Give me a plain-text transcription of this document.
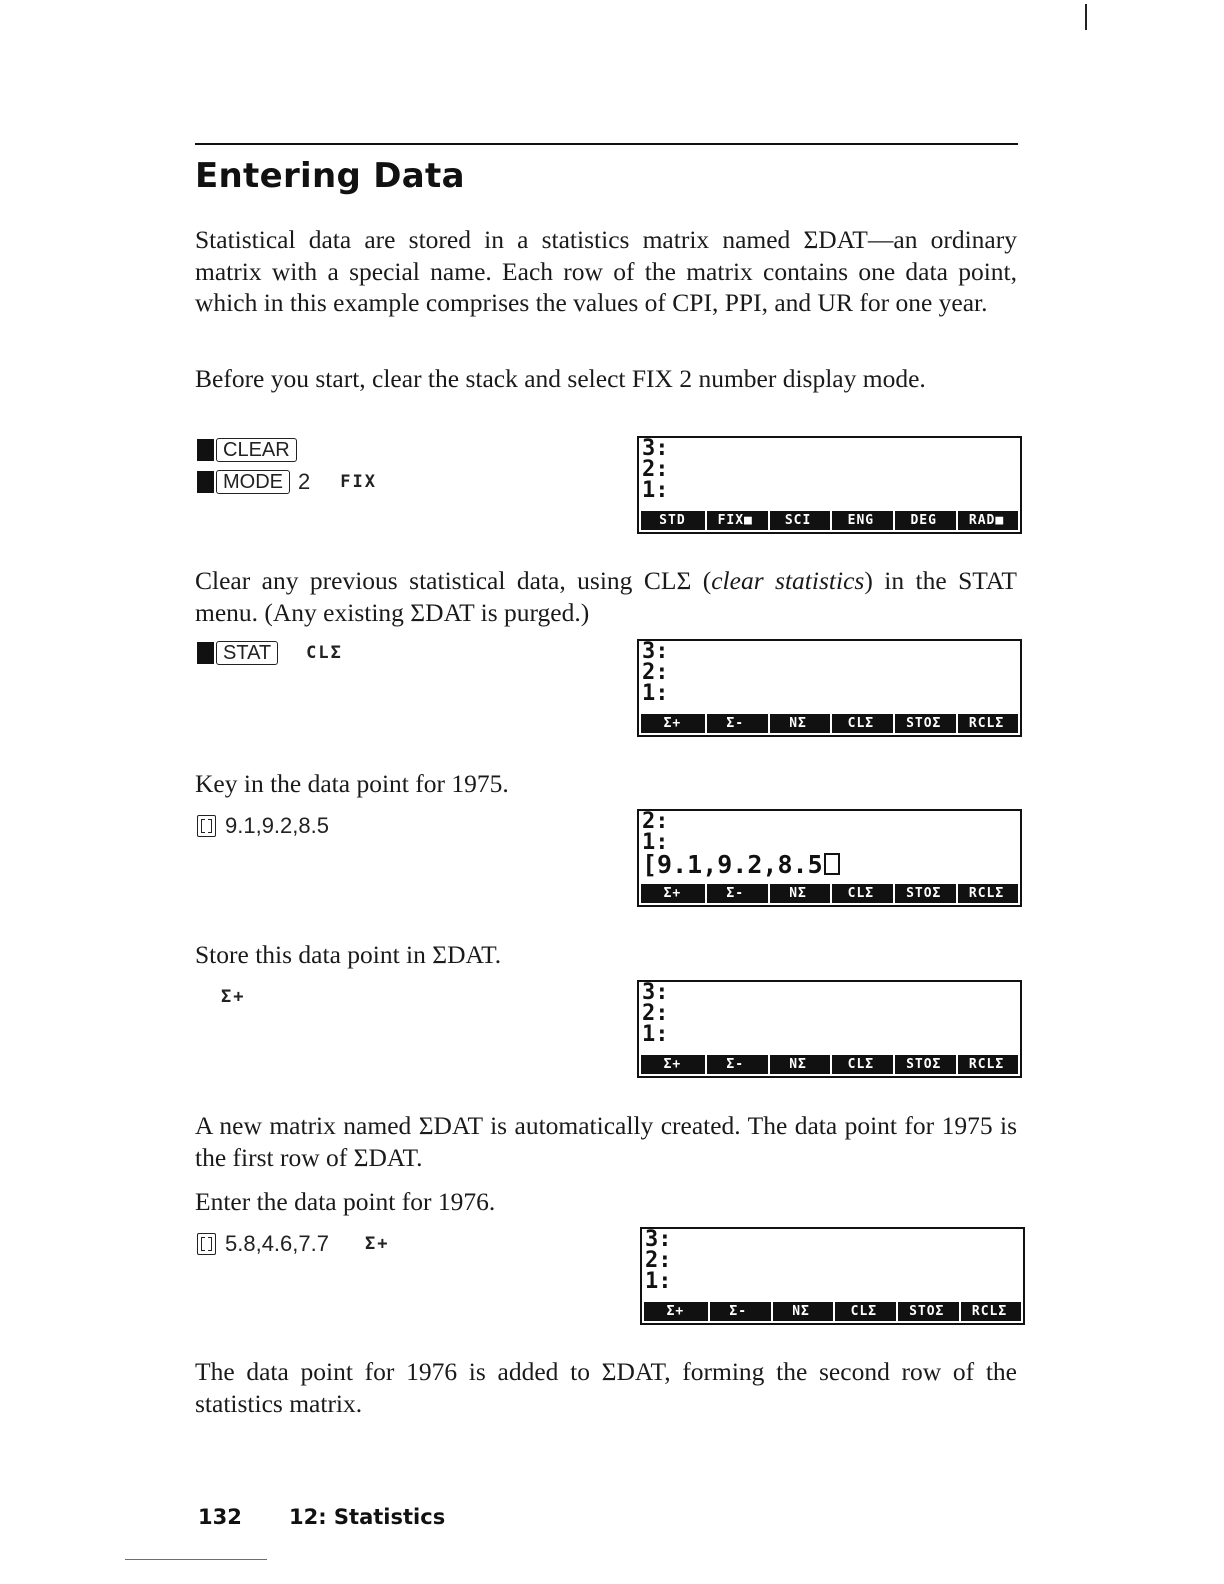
Entering Data
Statistical data are stored in a statistics matrix named ΣDAT—an ordinary matrix with a special name. Each row of the matrix contains one data point, which in this example comprises the values of CPI, PPI, and UR for one year.
Before you start, clear the stack and select FIX 2 number display mode.
CLEAR
MODE 2 FIX
3:
2:
1:
STD	FIX■	SCI	ENG	DEG	RAD■
Clear any previous statistical data, using CLΣ (clear statistics) in the STAT menu. (Any existing ΣDAT is purged.)
STAT	CLΣ	3:
2:
1:
Σ+	Σ-	NΣ	CLΣ	STOΣ	RCLΣ
Key in the data point for 1975.
9.1,9.2,8.5	2:
1:
[9.1,9.2,8.5
Σ+	Σ-	NΣ	CLΣ	STOΣ	RCLΣ
Store this data point in ΣDAT.
Σ+	3:
2:
1:
Σ+	Σ-	NΣ	CLΣ	STOΣ	RCLΣ
A new matrix named ΣDAT is automatically created. The data point for 1975 is the first row of ΣDAT.
Enter the data point for 1976.
5.8,4.6,7.7 Σ+	3:
2:
1:
Σ+	Σ-	NΣ	CLΣ	STOΣ	RCLΣ
The data point for 1976 is added to ΣDAT, forming the second row of the statistics matrix.
132 12: Statistics
